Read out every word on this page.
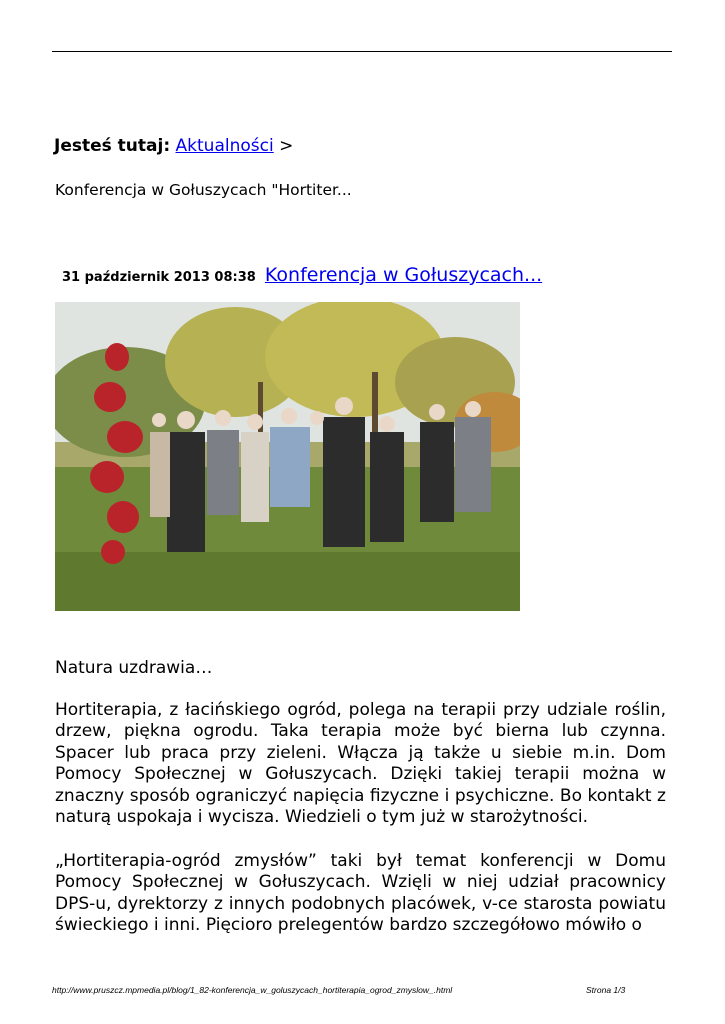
Jesteś tutaj: Aktualności >
Konferencja w Gołuszycach "Hortiter...
31 październik 2013 08:38 Konferencja w Gołuszycach...

Natura uzdrawia…

Hortiterapia, z łacińskiego ogród, polega na terapii przy udziale roślin, drzew, piękna ogrodu. Taka terapia może być bierna lub czynna. Spacer lub praca przy zieleni. Włącza ją także u siebie m.in. Dom Pomocy Społecznej w Gołuszycach. Dzięki takiej terapii można w znaczny sposób ograniczyć napięcia fizyczne i psychiczne. Bo kontakt z naturą uspokaja i wycisza. Wiedzieli o tym już w starożytności.

„Hortiterapia-ogród zmysłów” taki był temat konferencji w Domu Pomocy Społecznej w Gołuszycach. Wzięli w niej udział pracownicy DPS-u, dyrektorzy z innych podobnych placówek, v-ce starosta powiatu świeckiego i inni. Pięcioro prelegentów bardzo szczegółowo mówiło o

http://www.pruszcz.mpmedia.pl/blog/1_82-konferencja_w_goluszycach_hortiterapia_ogrod_zmyslow_.html	Strona 1/3
